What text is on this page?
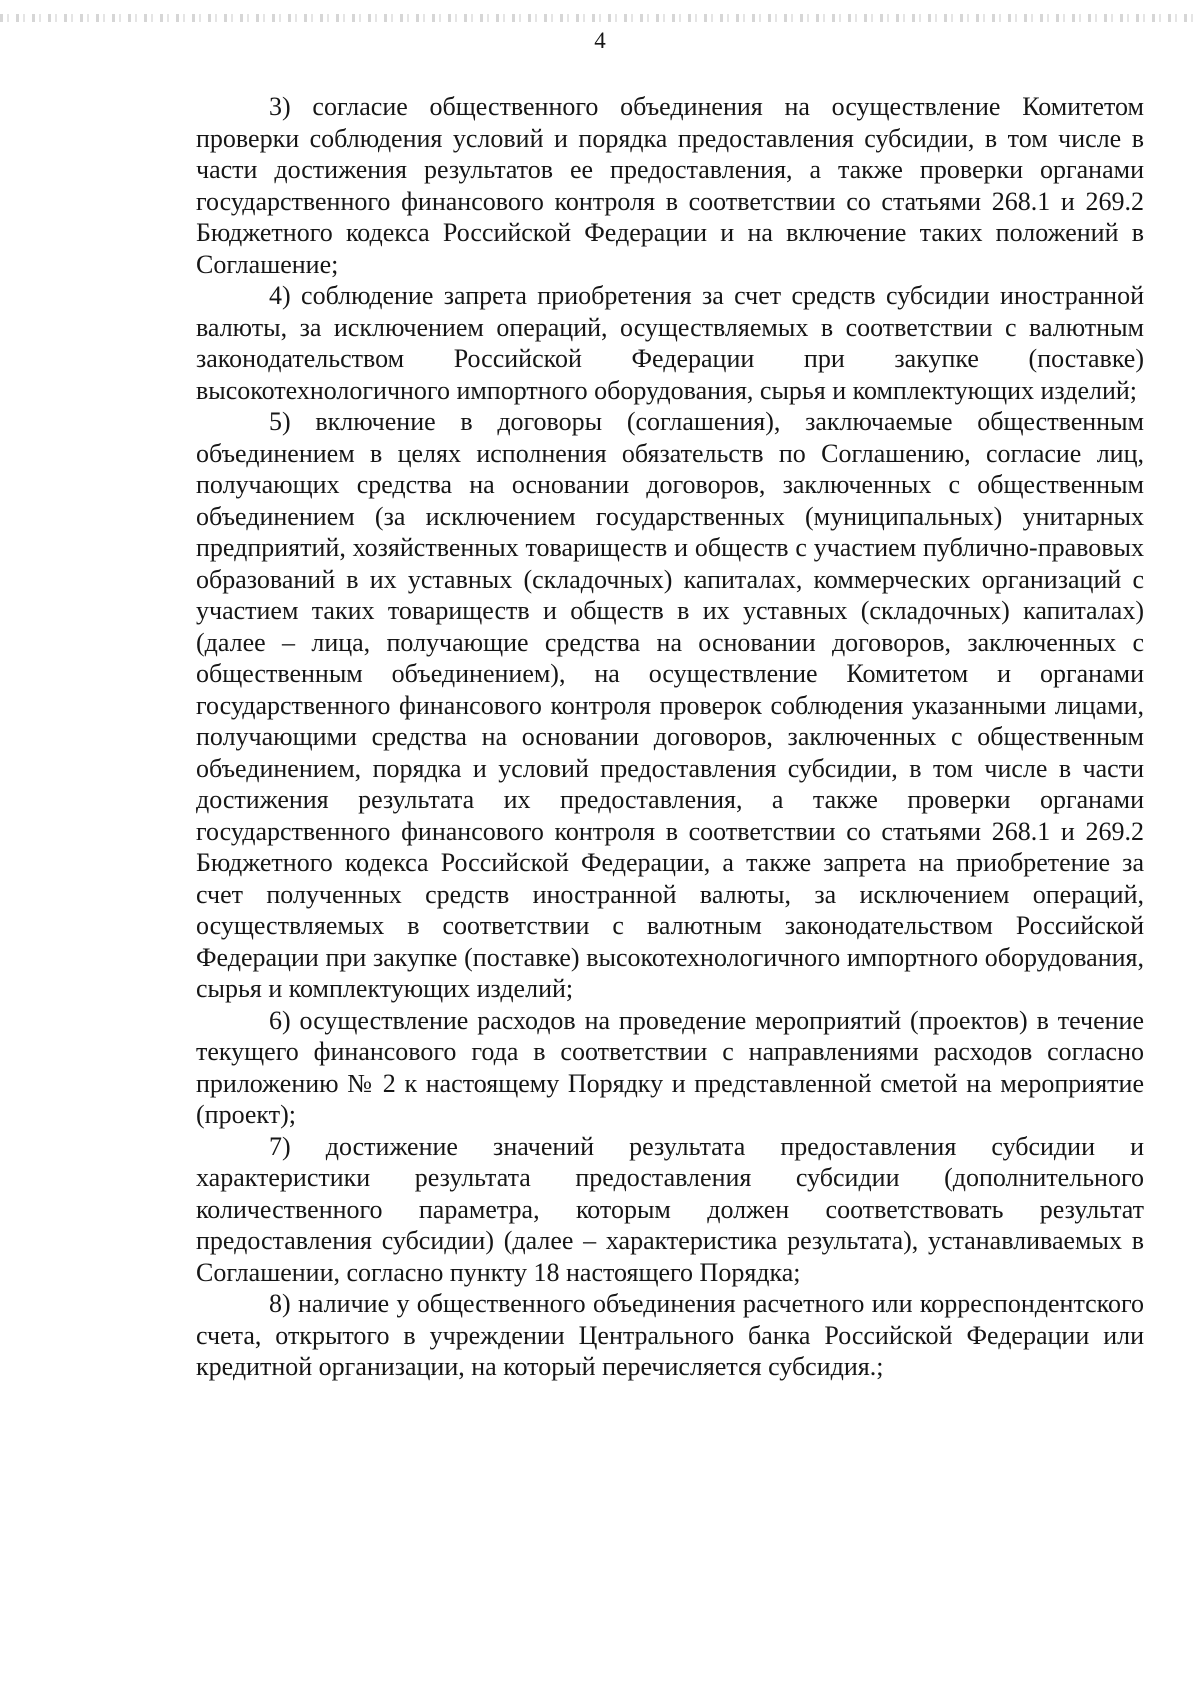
4

3) согласие общественного объединения на осуществление Комитетом проверки соблюдения условий и порядка предоставления субсидии, в том числе в части достижения результатов ее предоставления, а также проверки органами государственного финансового контроля в соответствии со статьями 268.1 и 269.2 Бюджетного кодекса Российской Федерации и на включение таких положений в Соглашение;

4) соблюдение запрета приобретения за счет средств субсидии иностранной валюты, за исключением операций, осуществляемых в соответствии с валютным законодательством Российской Федерации при закупке (поставке) высокотехнологичного импортного оборудования, сырья и комплектующих изделий;

5) включение в договоры (соглашения), заключаемые общественным объединением в целях исполнения обязательств по Соглашению, согласие лиц, получающих средства на основании договоров, заключенных с общественным объединением (за исключением государственных (муниципальных) унитарных предприятий, хозяйственных товариществ и обществ с участием публично-правовых образований в их уставных (складочных) капиталах, коммерческих организаций с участием таких товариществ и обществ в их уставных (складочных) капиталах) (далее – лица, получающие средства на основании договоров, заключенных с общественным объединением), на осуществление Комитетом и органами государственного финансового контроля проверок соблюдения указанными лицами, получающими средства на основании договоров, заключенных с общественным объединением, порядка и условий предоставления субсидии, в том числе в части достижения результата их предоставления, а также проверки органами государственного финансового контроля в соответствии со статьями 268.1 и 269.2 Бюджетного кодекса Российской Федерации, а также запрета на приобретение за счет полученных средств иностранной валюты, за исключением операций, осуществляемых в соответствии с валютным законодательством Российской Федерации при закупке (поставке) высокотехнологичного импортного оборудования, сырья и комплектующих изделий;

6) осуществление расходов на проведение мероприятий (проектов) в течение текущего финансового года в соответствии с направлениями расходов согласно приложению № 2 к настоящему Порядку и представленной сметой на мероприятие (проект);

7) достижение значений результата предоставления субсидии и характеристики результата предоставления субсидии (дополнительного количественного параметра, которым должен соответствовать результат предоставления субсидии) (далее – характеристика результата), устанавливаемых в Соглашении, согласно пункту 18 настоящего Порядка;

8) наличие у общественного объединения расчетного или корреспондентского счета, открытого в учреждении Центрального банка Российской Федерации или кредитной организации, на который перечисляется субсидия.;
